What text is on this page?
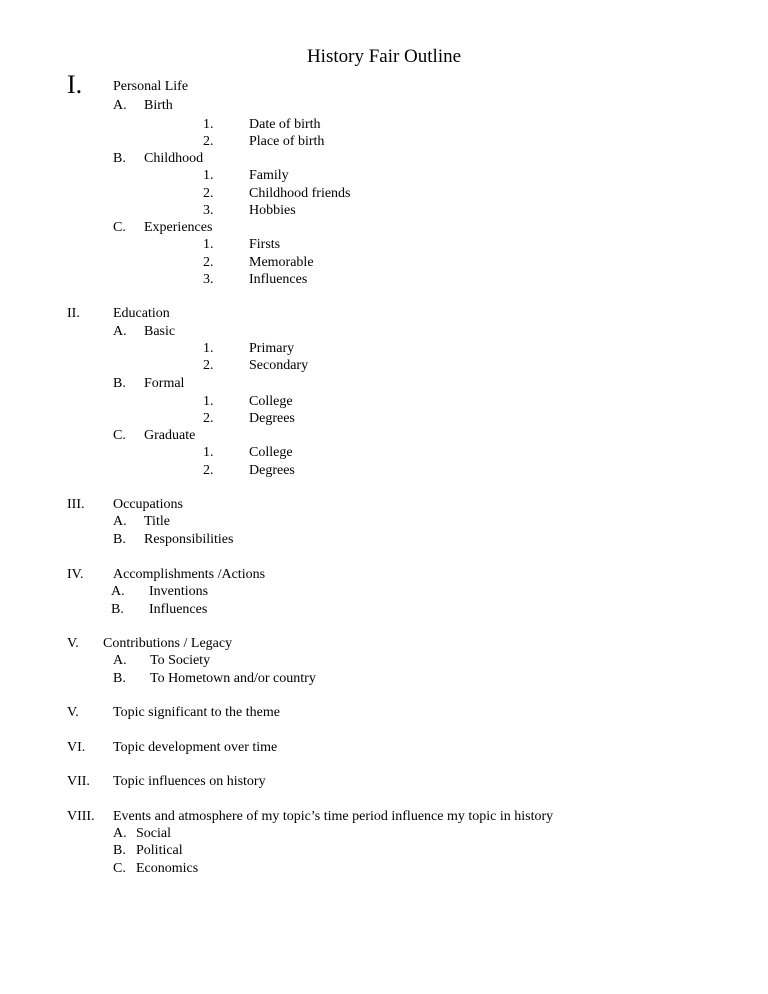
History Fair Outline
I. Personal Life
A. Birth
1.	Date of birth
2.	Place of birth
B. Childhood
1.	Family
2.	Childhood friends
3.	Hobbies
C. Experiences
1.	Firsts
2.	Memorable
3.	Influences
II. Education
A. Basic
1.	Primary
2.	Secondary
B. Formal
1.	College
2.	Degrees
C. Graduate
1.	College
2.	Degrees
III. Occupations
A. Title
B. Responsibilities
IV. Accomplishments /Actions
A. Inventions
B. Influences
V. Contributions / Legacy
A. To Society
B. To Hometown and/or country
V. Topic significant to the theme
VI. Topic development over time
VII. Topic influences on history
VIII. Events and atmosphere of my topic’s time period influence my topic in history
A. Social
B. Political
C. Economics
